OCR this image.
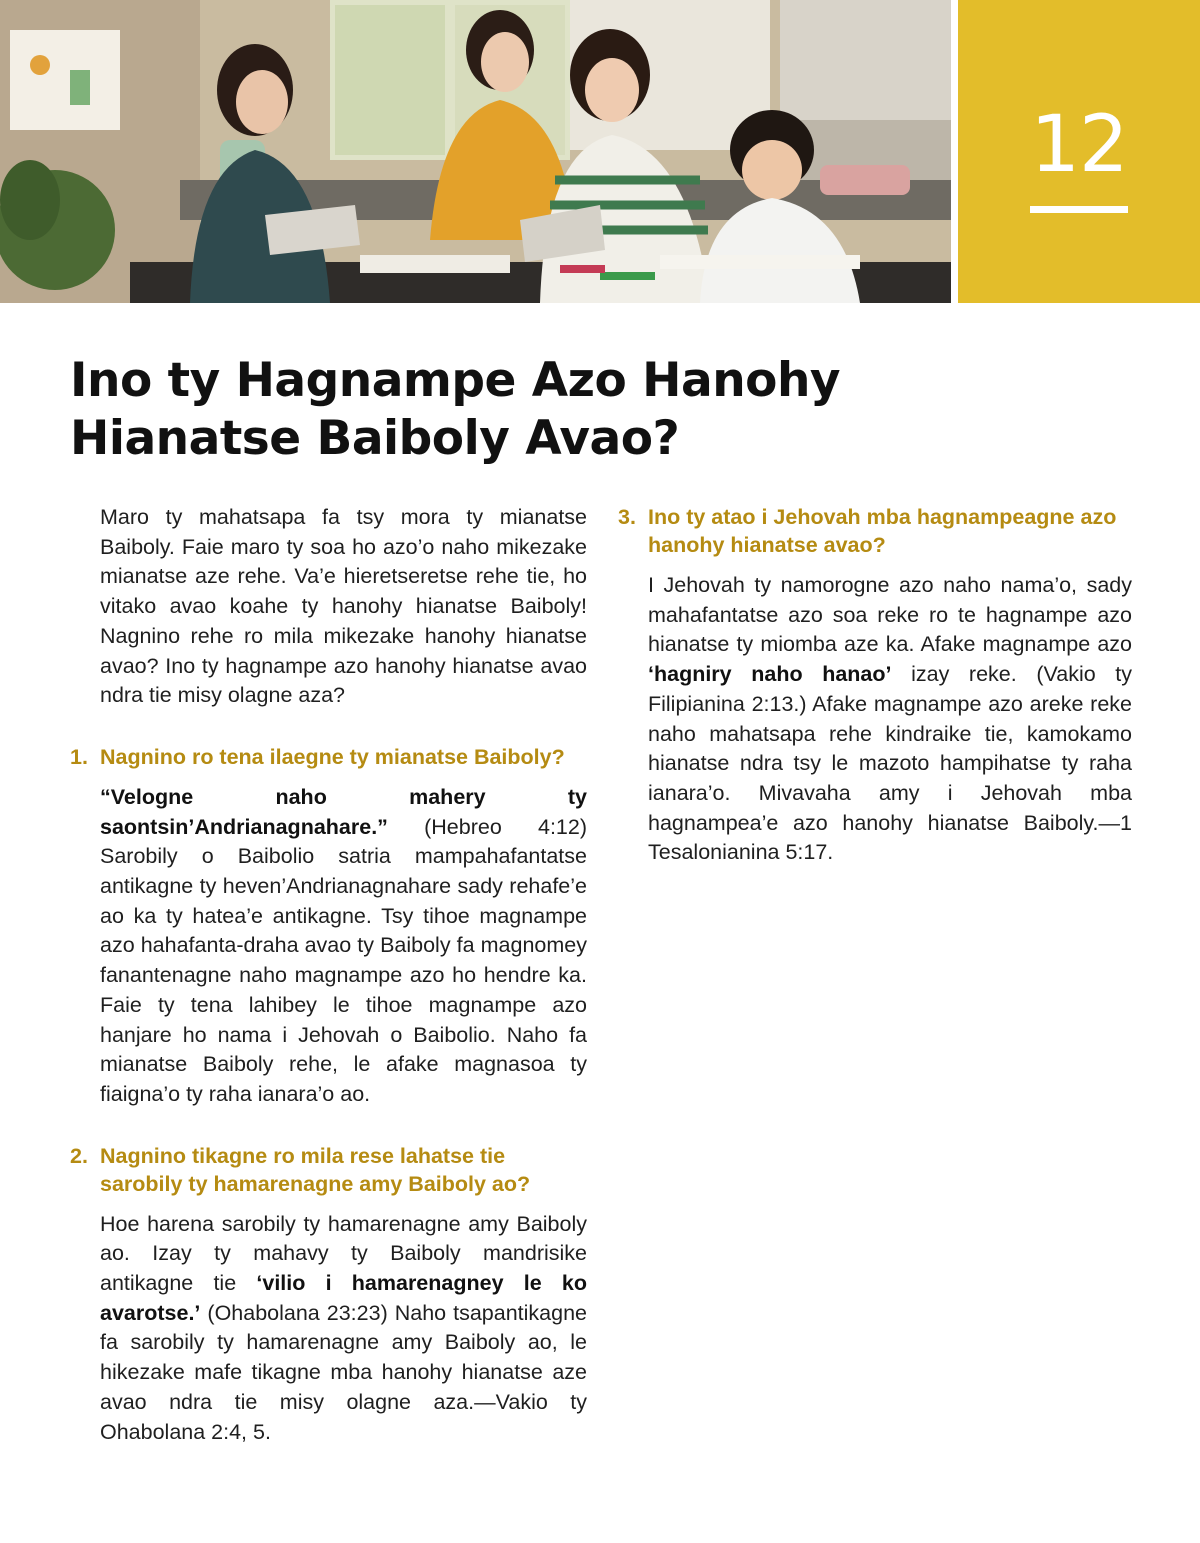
12
Ino ty Hagnampe Azo Hanohy Hianatse Baiboly Avao?

Maro ty mahatsapa fa tsy mora ty mianatse Baiboly. Faie maro ty soa ho azo’o naho mikezake mianatse aze rehe. Va’e hieretseretse rehe tie, ho vitako avao koahe ty hanohy hianatse Baiboly! Nagnino rehe ro mila mikezake hanohy hianatse avao? Ino ty hagnampe azo hanohy hianatse avao ndra tie misy olagne aza?

1. Nagnino ro tena ilaegne ty mianatse Baiboly?

“Velogne naho mahery ty saontsin’Andrianagnahare.” (Hebreo 4:12) Sarobily o Baibolio satria mampahafantatse antikagne ty heven’Andrianagnahare sady rehafe’e ao ka ty hatea’e antikagne. Tsy tihoe magnampe azo hahafanta-draha avao ty Baiboly fa magnomey fanantenagne naho magnampe azo ho hendre ka. Faie ty tena lahibey le tihoe magnampe azo hanjare ho nama i Jehovah o Baibolio. Naho fa mianatse Baiboly rehe, le afake magnasoa ty fiaigna’o ty raha ianara’o ao.

2. Nagnino tikagne ro mila rese lahatse tie sarobily ty hamarenagne amy Baiboly ao?

Hoe harena sarobily ty hamarenagne amy Baiboly ao. Izay ty mahavy ty Baiboly mandrisike antikagne tie ‘vilio i hamarenagney le ko avarotse.’ (Ohabolana 23:23) Naho tsapantikagne fa sarobily ty hamarenagne amy Baiboly ao, le hikezake mafe tikagne mba hanohy hianatse aze avao ndra tie misy olagne aza.—Vakio ty Ohabolana 2:4, 5.

3. Ino ty atao i Jehovah mba hagnampeagne azo hanohy hianatse avao?

I Jehovah ty namorogne azo naho nama’o, sady mahafantatse azo soa reke ro te hagnampe azo hianatse ty miomba aze ka. Afake magnampe azo ‘hagniry naho hanao’ izay reke. (Vakio ty Filipianina 2:13.) Afake magnampe azo areke reke naho mahatsapa rehe kindraike tie, kamokamo hianatse ndra tsy le mazoto hampihatse ty raha ianara’o. Mivavaha amy i Jehovah mba hagnampea’e azo hanohy hianatse Baiboly.—1 Tesalonianina 5:17.
